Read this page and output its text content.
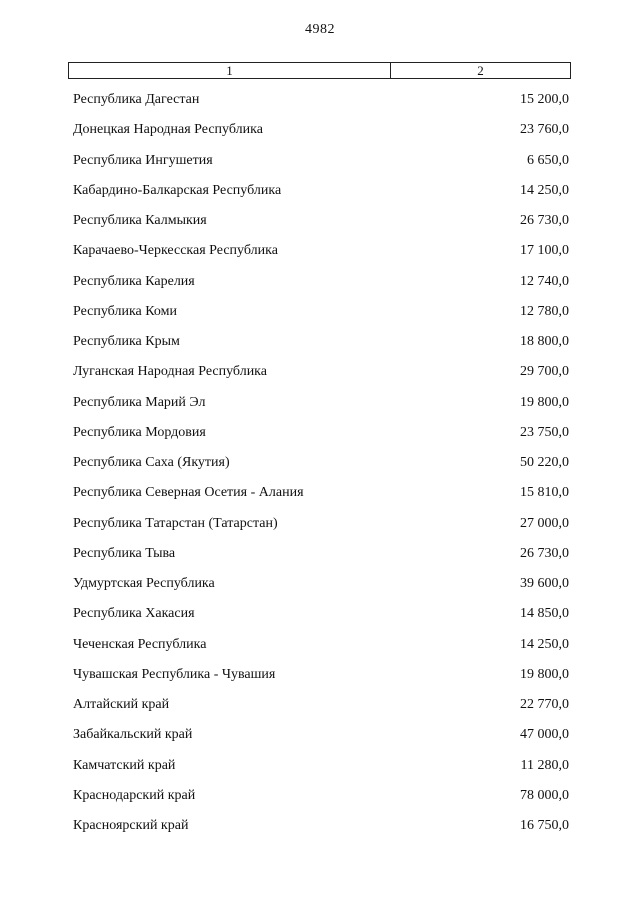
4982
1	2
Республика Дагестан	15 200,0
Донецкая Народная Республика	23 760,0
Республика Ингушетия	6 650,0
Кабардино-Балкарская Республика	14 250,0
Республика Калмыкия	26 730,0
Карачаево-Черкесская Республика	17 100,0
Республика Карелия	12 740,0
Республика Коми	12 780,0
Республика Крым	18 800,0
Луганская Народная Республика	29 700,0
Республика Марий Эл	19 800,0
Республика Мордовия	23 750,0
Республика Саха (Якутия)	50 220,0
Республика Северная Осетия - Алания	15 810,0
Республика Татарстан (Татарстан)	27 000,0
Республика Тыва	26 730,0
Удмуртская Республика	39 600,0
Республика Хакасия	14 850,0
Чеченская Республика	14 250,0
Чувашская Республика - Чувашия	19 800,0
Алтайский край	22 770,0
Забайкальский край	47 000,0
Камчатский край	11 280,0
Краснодарский край	78 000,0
Красноярский край	16 750,0
